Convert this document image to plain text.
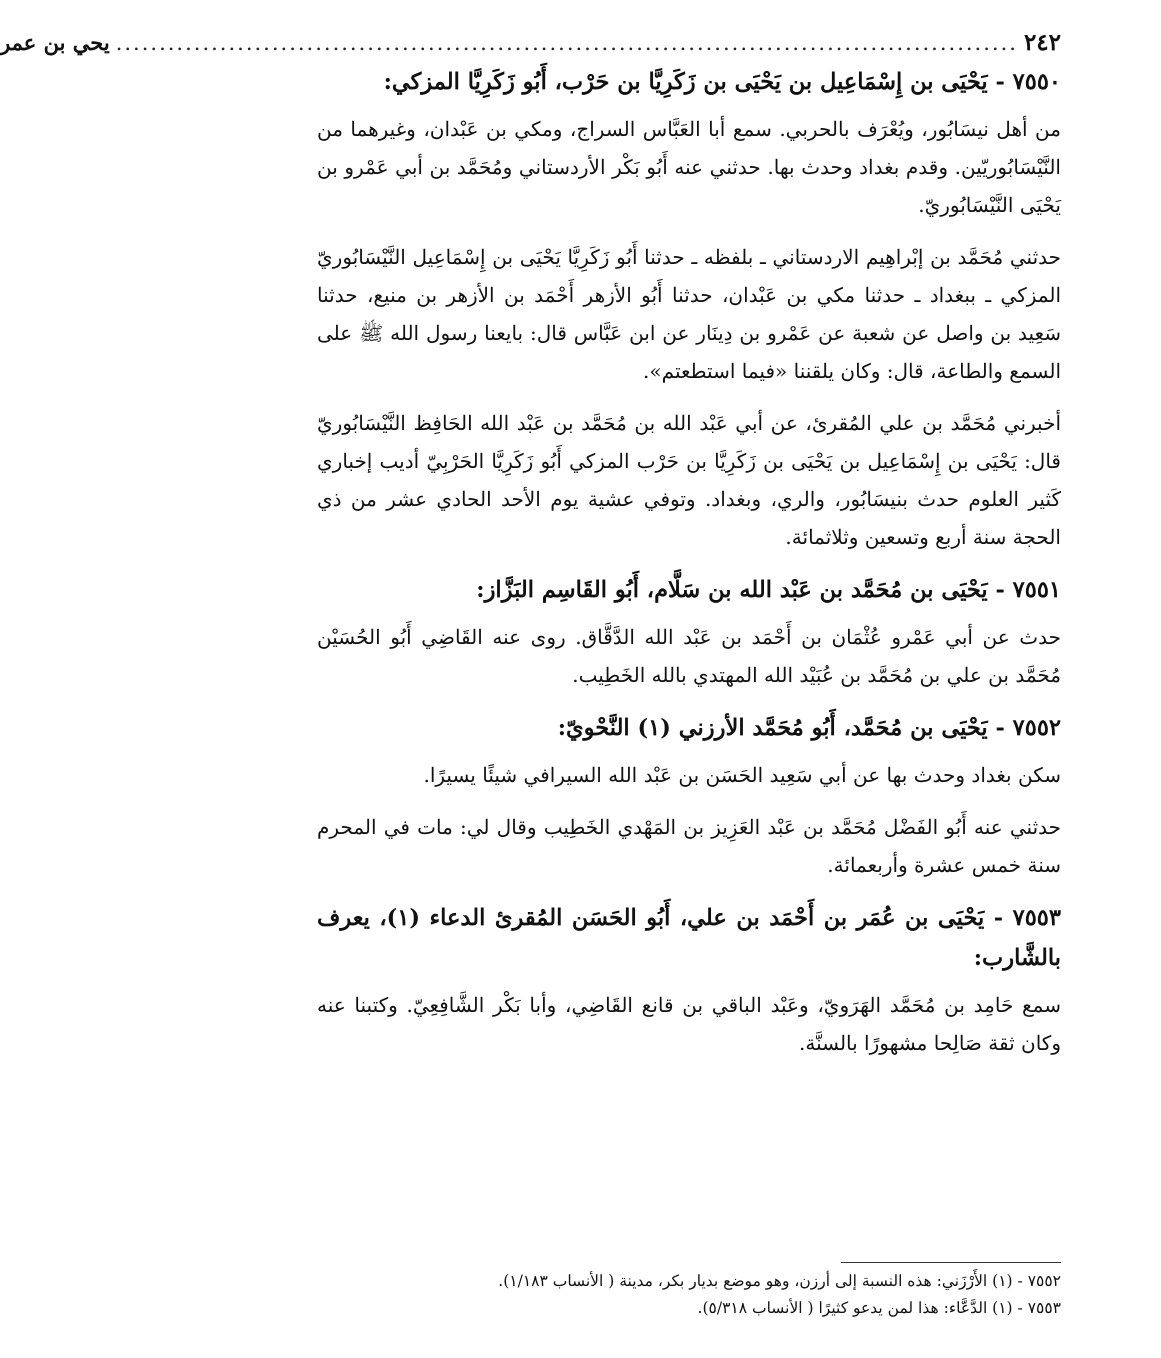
٢٤٢
........................................................................................................
يحي بن عمر
٧٥٥٠ - يَحْيَى بن إِسْمَاعِيل بن يَحْيَى بن زَكَرِيَّا بن حَرْب، أَبُو زَكَرِيَّا المزكي:

من أهل نيسَابُور، ويُعْرَف بالحربي. سمع أبا العَبَّاس السراج، ومكي بن عَبْدان، وغيرهما من النَّيْسَابُوريّين. وقدم بغداد وحدث بها. حدثني عنه أَبُو بَكْر الأردستاني ومُحَمَّد بن أبي عَمْرو بن يَحْيَى النَّيْسَابُوريّ.

حدثني مُحَمَّد بن إبْراهِيم الاردستاني ـ بلفظه ـ حدثنا أَبُو زَكَرِيَّا يَحْيَى بن إِسْمَاعِيل النَّيْسَابُوريّ المزكي ـ ببغداد ـ حدثنا مكي بن عَبْدان، حدثنا أَبُو الأزهر أَحْمَد بن الأزهر بن منيع، حدثنا سَعِيد بن واصل عن شعبة عن عَمْرو بن دِينَار عن ابن عَبَّاس قال: بايعنا رسول الله ﷺ على السمع والطاعة، قال: وكان يلقننا «فيما استطعتم».

أخبرني مُحَمَّد بن علي المُقرئ، عن أبي عَبْد الله بن مُحَمَّد بن عَبْد الله الحَافِظ النَّيْسَابُوريّ قال: يَحْيَى بن إِسْمَاعِيل بن يَحْيَى بن زَكَرِيَّا بن حَرْب المزكي أَبُو زَكَرِيَّا الحَرْبِيّ أديب إخباري كَثير العلوم حدث بنيسَابُور، والري، وبغداد. وتوفي عشية يوم الأحد الحادي عشر من ذي الحجة سنة أربع وتسعين وثلاثمائة.

٧٥٥١ - يَحْيَى بن مُحَمَّد بن عَبْد الله بن سَلَّام، أَبُو القَاسِم البَزَّاز:

حدث عن أبي عَمْرو عُثْمَان بن أَحْمَد بن عَبْد الله الدَّقَّاق. روى عنه القَاضِي أَبُو الحُسَيْن مُحَمَّد بن علي بن مُحَمَّد بن عُبَيْد الله المهتدي بالله الخَطِيب.

٧٥٥٢ - يَحْيَى بن مُحَمَّد، أَبُو مُحَمَّد الأرزني (١) النَّحْويّ:

سكن بغداد وحدث بها عن أبي سَعِيد الحَسَن بن عَبْد الله السيرافي شيئًا يسيرًا.

حدثني عنه أَبُو الفَضْل مُحَمَّد بن عَبْد العَزِيز بن المَهْدي الخَطِيب وقال لي: مات في المحرم سنة خمس عشرة وأربعمائة.

٧٥٥٣ - يَحْيَى بن عُمَر بن أَحْمَد بن علي، أَبُو الحَسَن المُقرئ الدعاء (١)، يعرف بالشَّارب:

سمع حَامِد بن مُحَمَّد الهَرَويّ، وعَبْد الباقي بن قانع القَاضِي، وأبا بَكْر الشَّافِعِيّ. وكتبنا عنه وكان ثقة صَالِحا مشهورًا بالسنَّة.

٧٥٥٢ - (١) الأَرْزَني: هذه النسبة إلى أرزن، وهو موضع بديار بكر، مدينة ( الأنساب ١/١٨٣).
٧٥٥٣ - (١) الدَّعَّاء: هذا لمن يدعو كثيرًا ( الأنساب ٥/٣١٨).
